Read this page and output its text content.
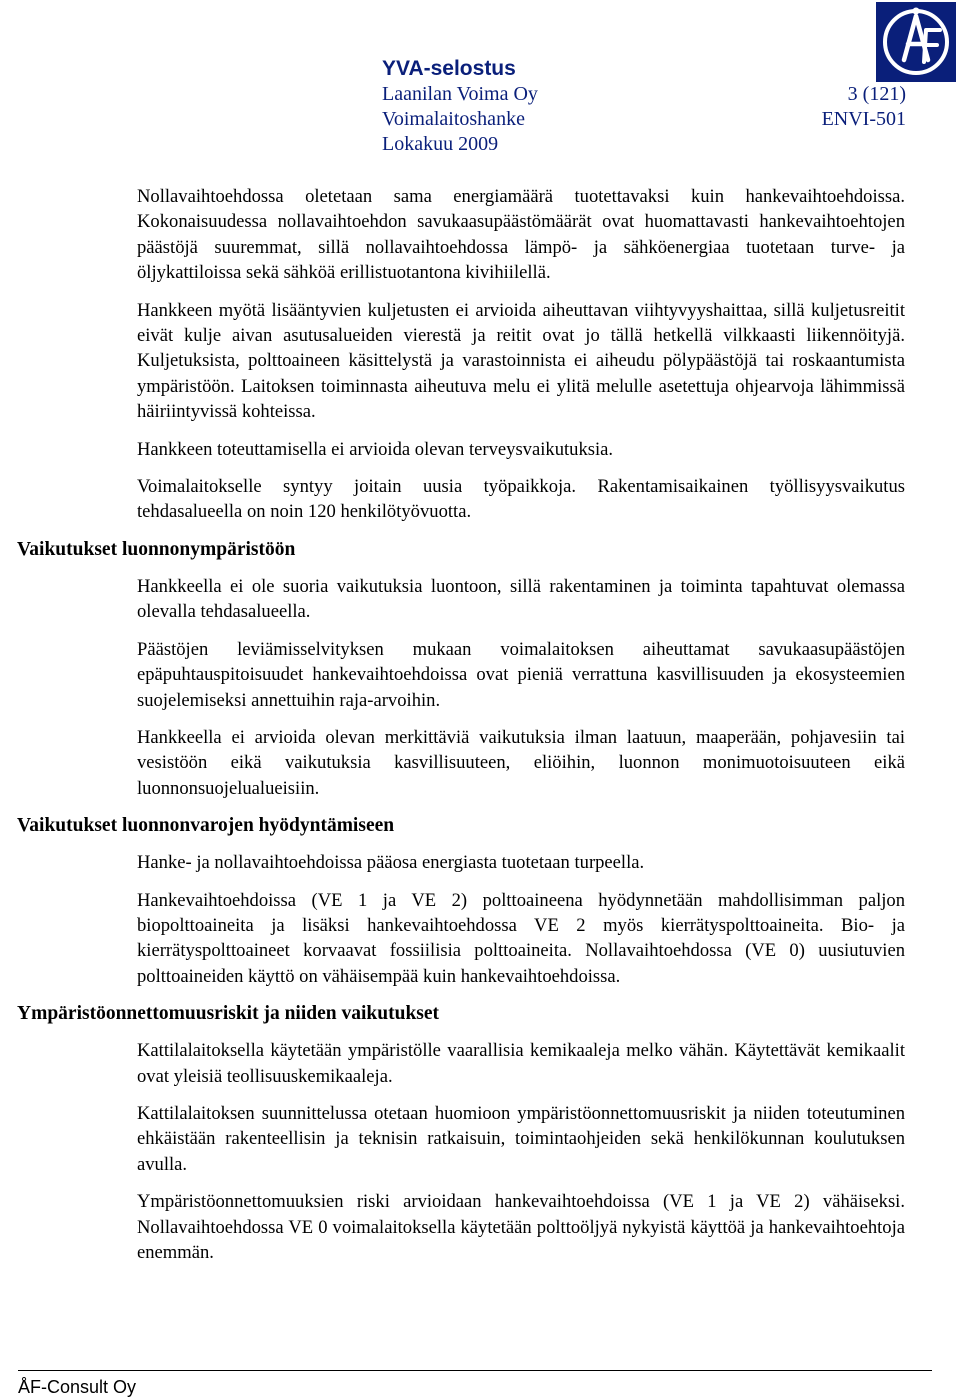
YVA-selostus
Laanilan Voima Oy	3 (121)
Voimalaitoshanke	ENVI-501
Lokakuu 2009

Nollavaihtoehdossa oletetaan sama energiamäärä tuotettavaksi kuin hankevaihtoehdoissa. Kokonaisuudessa nollavaihtoehdon savukaasupäästömäärät ovat huomattavasti hankevaihtoehtojen päästöjä suuremmat, sillä nollavaihtoehdossa lämpö- ja sähköenergiaa tuotetaan turve- ja öljykattiloissa sekä sähköä erillistuotantona kivihiilellä.

Hankkeen myötä lisääntyvien kuljetusten ei arvioida aiheuttavan viihtyvyyshaittaa, sillä kuljetusreitit eivät kulje aivan asutusalueiden vierestä ja reitit ovat jo tällä hetkellä vilkkaasti liikennöityjä. Kuljetuksista, polttoaineen käsittelystä ja varastoinnista ei aiheudu pölypäästöjä tai roskaantumista ympäristöön. Laitoksen toiminnasta aiheutuva melu ei ylitä melulle asetettuja ohjearvoja lähimmissä häiriintyvissä kohteissa.

Hankkeen toteuttamisella ei arvioida olevan terveysvaikutuksia.

Voimalaitokselle syntyy joitain uusia työpaikkoja. Rakentamisaikainen työllisyysvaikutus tehdasalueella on noin 120 henkilötyövuotta.

Vaikutukset luonnonympäristöön

Hankkeella ei ole suoria vaikutuksia luontoon, sillä rakentaminen ja toiminta tapahtuvat olemassa olevalla tehdasalueella.

Päästöjen leviämisselvityksen mukaan voimalaitoksen aiheuttamat savukaasupäästöjen epäpuhtauspitoisuudet hankevaihtoehdoissa ovat pieniä verrattuna kasvillisuuden ja ekosysteemien suojelemiseksi annettuihin raja-arvoihin.

Hankkeella ei arvioida olevan merkittäviä vaikutuksia ilman laatuun, maaperään, pohjavesiin tai vesistöön eikä vaikutuksia kasvillisuuteen, eliöihin, luonnon monimuotoisuuteen eikä luonnonsuojelualueisiin.

Vaikutukset luonnonvarojen hyödyntämiseen

Hanke- ja nollavaihtoehdoissa pääosa energiasta tuotetaan turpeella.

Hankevaihtoehdoissa (VE 1 ja VE 2) polttoaineena hyödynnetään mahdollisimman paljon biopolttoaineita ja lisäksi hankevaihtoehdossa VE 2 myös kierrätyspolttoaineita. Bio- ja kierrätyspolttoaineet korvaavat fossiilisia polttoaineita. Nollavaihtoehdossa (VE 0) uusiutuvien polttoaineiden käyttö on vähäisempää kuin hankevaihtoehdoissa.

Ympäristöonnettomuusriskit ja niiden vaikutukset

Kattilalaitoksella käytetään ympäristölle vaarallisia kemikaaleja melko vähän. Käytettävät kemikaalit ovat yleisiä teollisuuskemikaaleja.

Kattilalaitoksen suunnittelussa otetaan huomioon ympäristöonnettomuusriskit ja niiden toteutuminen ehkäistään rakenteellisin ja teknisin ratkaisuin, toimintaohjeiden sekä henkilökunnan koulutuksen avulla.

Ympäristöonnettomuuksien riski arvioidaan hankevaihtoehdoissa (VE 1 ja VE 2) vähäiseksi. Nollavaihtoehdossa VE 0 voimalaitoksella käytetään polttoöljyä nykyistä käyttöä ja hankevaihtoehtoja enemmän.

ÅF-Consult Oy
